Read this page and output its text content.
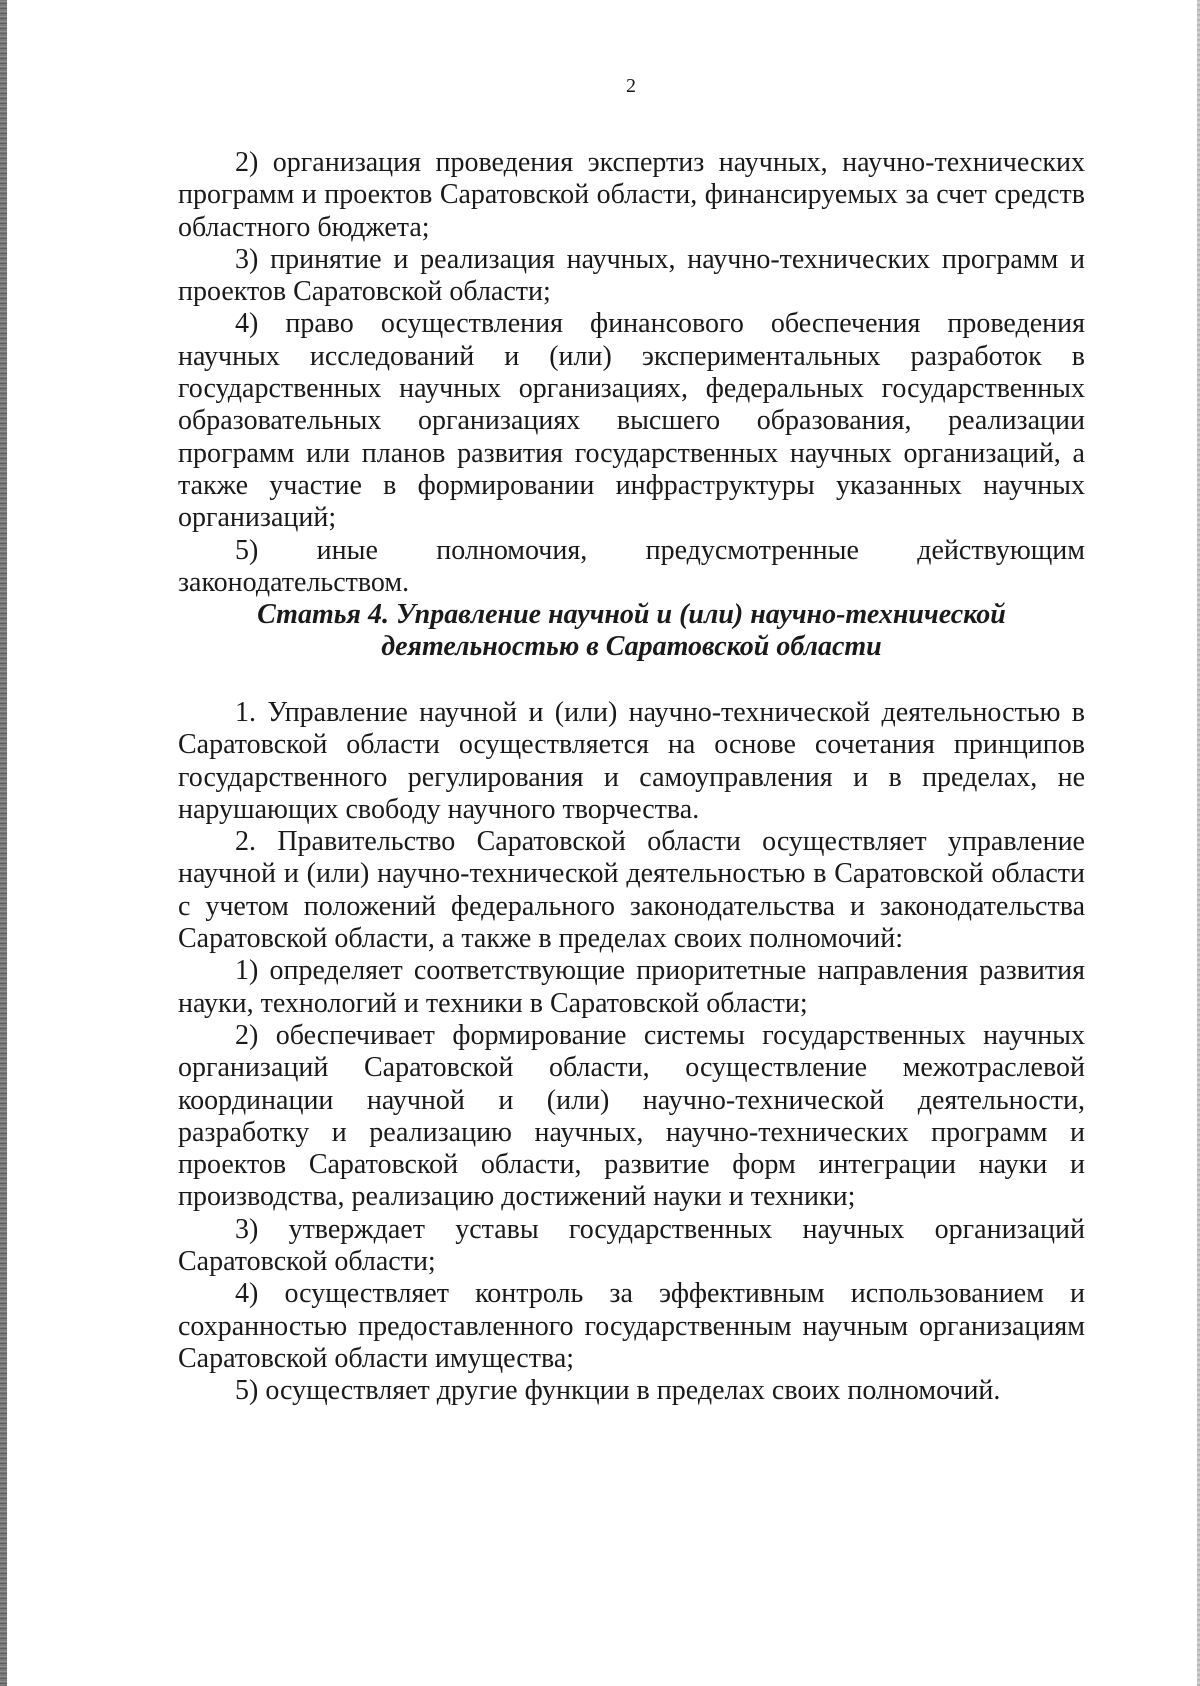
2

2) организация проведения экспертиз научных, научно-технических программ и проектов Саратовской области, финансируемых за счет средств областного бюджета;

3) принятие и реализация научных, научно-технических программ и проектов Саратовской области;

4) право осуществления финансового обеспечения проведения научных исследований и (или) экспериментальных разработок в государственных научных организациях, федеральных государственных образовательных организациях высшего образования, реализации программ или планов развития государственных научных организаций, а также участие в формировании инфраструктуры указанных научных организаций;

5) иные полномочия, предусмотренные действующим законодательством.

Статья 4. Управление научной и (или) научно-технической
деятельностью в Саратовской области

1. Управление научной и (или) научно-технической деятельностью в Саратовской области осуществляется на основе сочетания принципов государственного регулирования и самоуправления и в пределах, не нарушающих свободу научного творчества.

2. Правительство Саратовской области осуществляет управление научной и (или) научно-технической деятельностью в Саратовской области с учетом положений федерального законодательства и законодательства Саратовской области, а также в пределах своих полномочий:

1) определяет соответствующие приоритетные направления развития науки, технологий и техники в Саратовской области;

2) обеспечивает формирование системы государственных научных организаций Саратовской области, осуществление межотраслевой координации научной и (или) научно-технической деятельности, разработку и реализацию научных, научно-технических программ и проектов Саратовской области, развитие форм интеграции науки и производства, реализацию достижений науки и техники;

3) утверждает уставы государственных научных организаций Саратовской области;

4) осуществляет контроль за эффективным использованием и сохранностью предоставленного государственным научным организациям Саратовской области имущества;

5) осуществляет другие функции в пределах своих полномочий.
